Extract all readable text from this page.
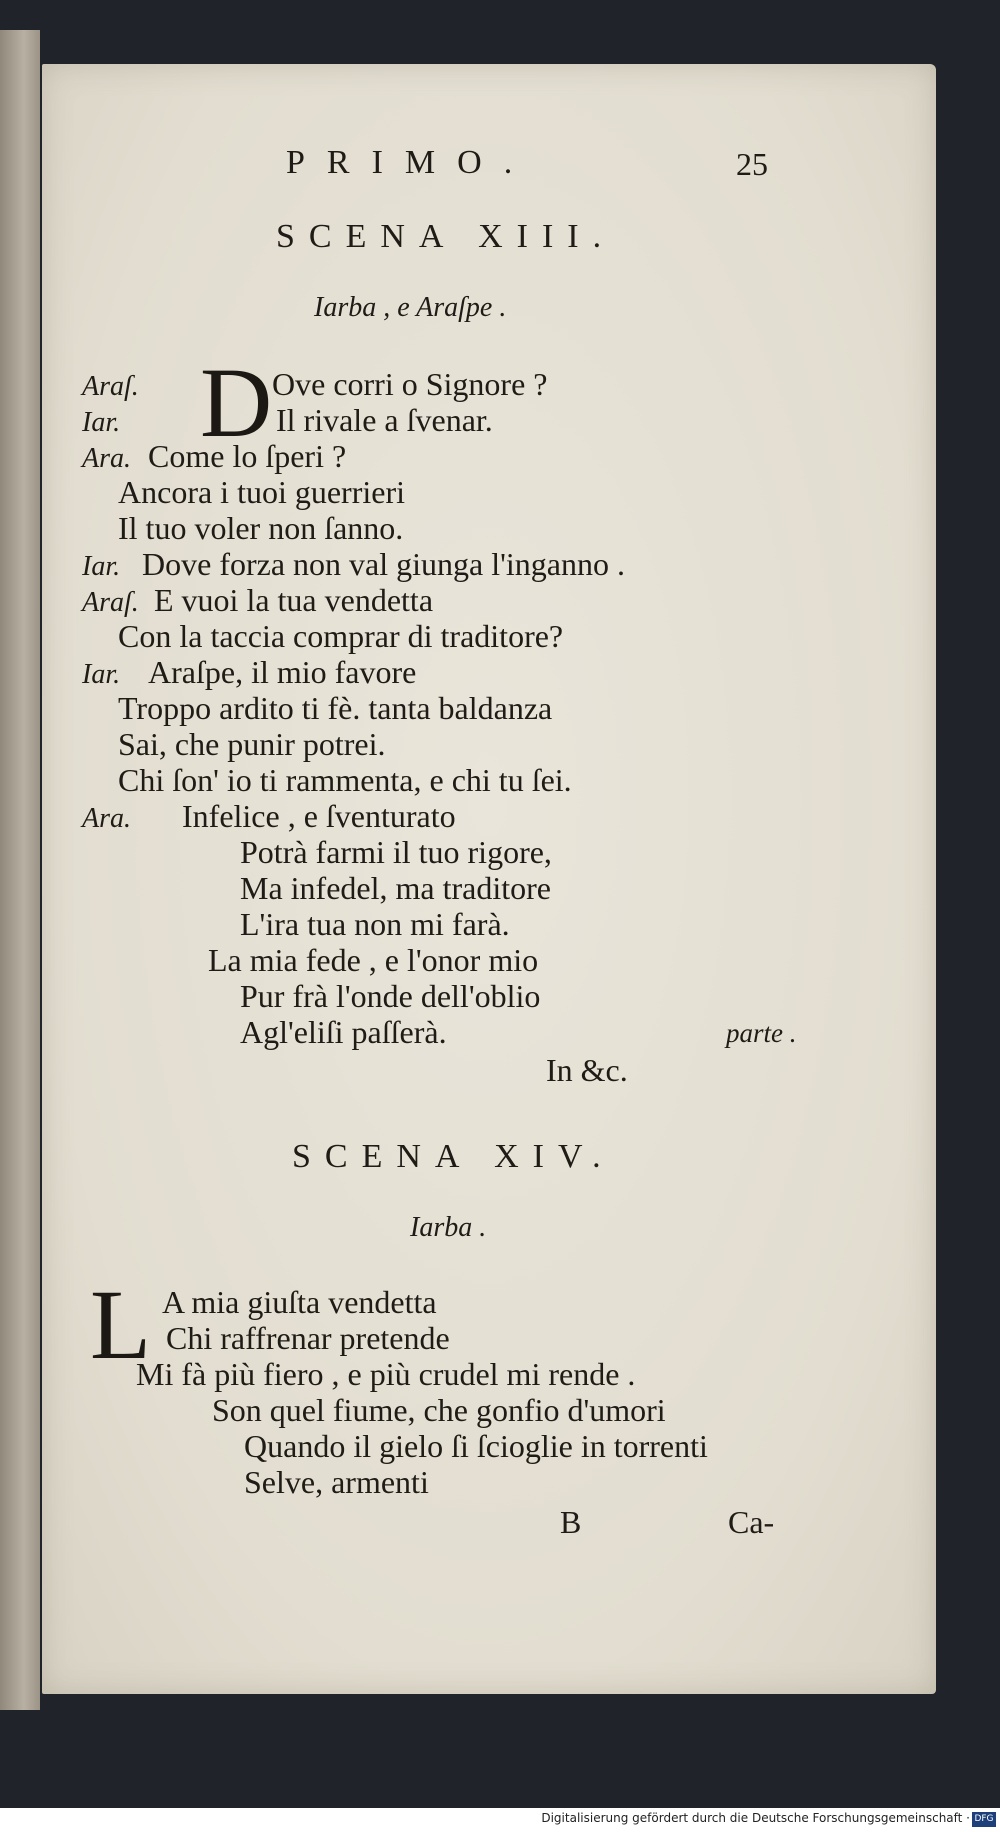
PRIMO.	25
SCENA XIII.
Iarba , e Araſpe .
D
Araſ.	Ove corri o Signore ?
Iar.	Il rivale a ſvenar.
Ara. Come lo ſperi ?
Ancora i tuoi guerrieri
Il tuo voler non ſanno.
Iar. Dove forza non val giunga l'inganno .
Araſ. E vuoi la tua vendetta
Con la taccia comprar di traditore?
Iar. Araſpe, il mio favore
Troppo ardito ti fè. tanta baldanza
Sai, che punir potrei.
Chi ſon' io ti rammenta, e chi tu ſei.
Ara. Infelice , e ſventurato
Potrà farmi il tuo rigore,
Ma infedel, ma traditore
L'ira tua non mi farà.
La mia fede , e l'onor mio
Pur frà l'onde dell'oblio
Agl'eliſi paſſerà.	parte .
In &c.
SCENA XIV.
Iarba .
L A mia giuſta vendetta
Chi raffrenar pretende
Mi fà più fiero , e più crudel mi rende .
Son quel fiume, che gonfio d'umori
Quando il gielo ſi ſcioglie in torrenti
Selve, armenti
B	Ca-
Digitalisierung gefördert durch die Deutsche Forschungsgemeinschaft · DFG
